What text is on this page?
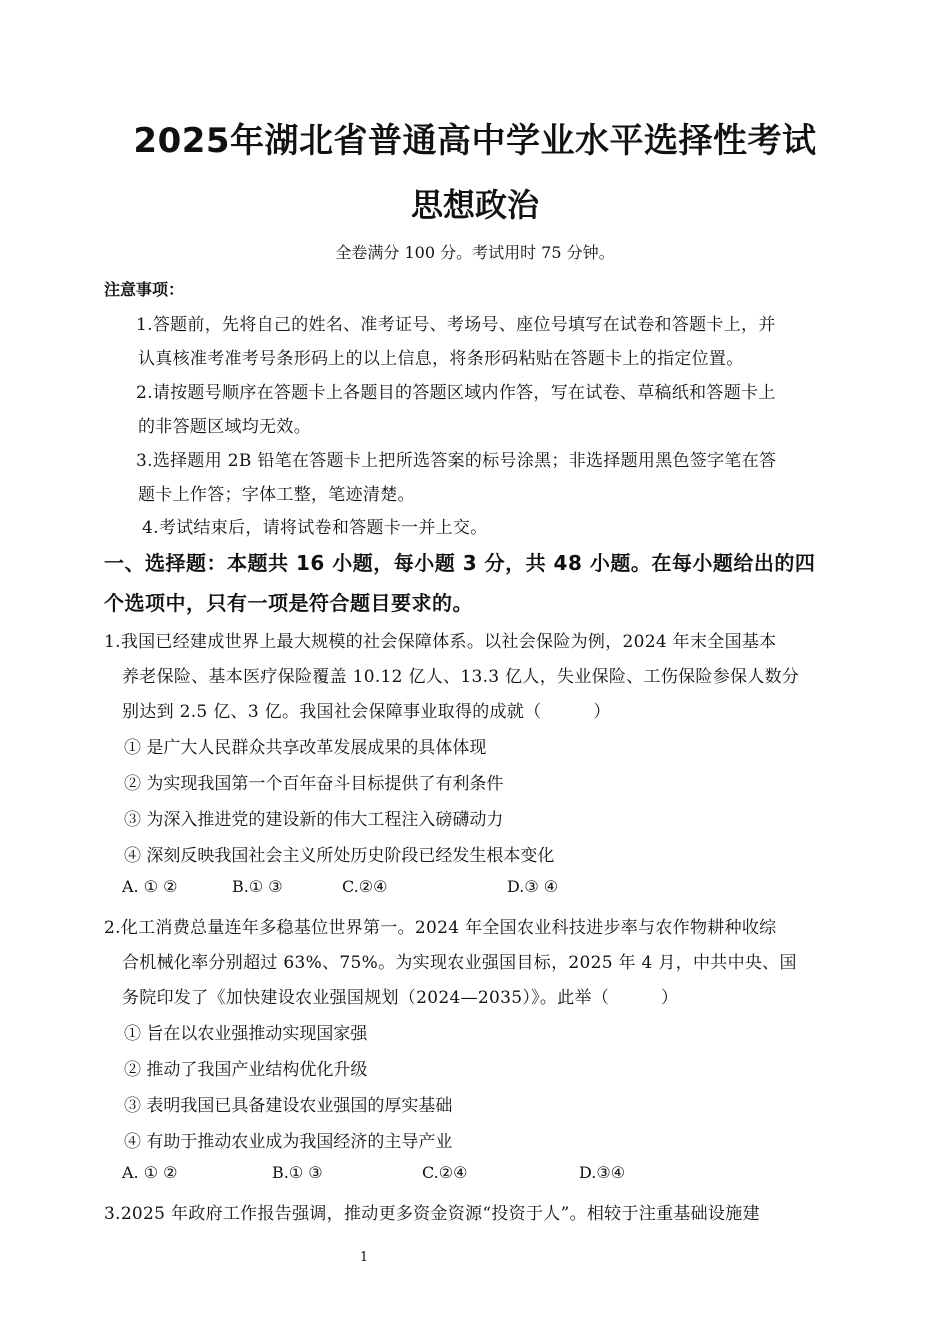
2025年湖北省普通高中学业水平选择性考试
思想政治
全卷满分 100 分。考试用时 75 分钟。
注意事项：
1.答题前，先将自己的姓名、准考证号、考场号、座位号填写在试卷和答题卡上，并
认真核准考准考号条形码上的以上信息，将条形码粘贴在答题卡上的指定位置。
2.请按题号顺序在答题卡上各题目的答题区域内作答，写在试卷、草稿纸和答题卡上
的非答题区域均无效。
3.选择题用 2B 铅笔在答题卡上把所选答案的标号涂黑；非选择题用黑色签字笔在答
题卡上作答；字体工整，笔迹清楚。
4.考试结束后，请将试卷和答题卡一并上交。
一、选择题：本题共 16 小题，每小题 3 分，共 48 小题。在每小题给出的四
个选项中，只有一项是符合题目要求的。
1.我国已经建成世界上最大规模的社会保障体系。以社会保险为例，2024 年末全国基本
养老保险、基本医疗保险覆盖 10.12 亿人、13.3 亿人，失业保险、工伤保险参保人数分
别达到 2.5 亿、3 亿。我国社会保障事业取得的成就（　　　）
① 是广大人民群众共享改革发展成果的具体体现
② 为实现我国第一个百年奋斗目标提供了有利条件
③ 为深入推进党的建设新的伟大工程注入磅礴动力
④ 深刻反映我国社会主义所处历史阶段已经发生根本变化
A. ① ②	B.① ③	C.②④	D.③ ④
2.化工消费总量连年多稳基位世界第一。2024 年全国农业科技进步率与农作物耕种收综
合机械化率分别超过 63%、75%。为实现农业强国目标，2025 年 4 月，中共中央、国
务院印发了《加快建设农业强国规划（2024—2035）》。此举（　　　）
① 旨在以农业强推动实现国家强
② 推动了我国产业结构优化升级
③ 表明我国已具备建设农业强国的厚实基础
④ 有助于推动农业成为我国经济的主导产业
A. ① ②	B.① ③	C.②④	D.③④
3.2025 年政府工作报告强调，推动更多资金资源“投资于人”。相较于注重基础设施建
1
